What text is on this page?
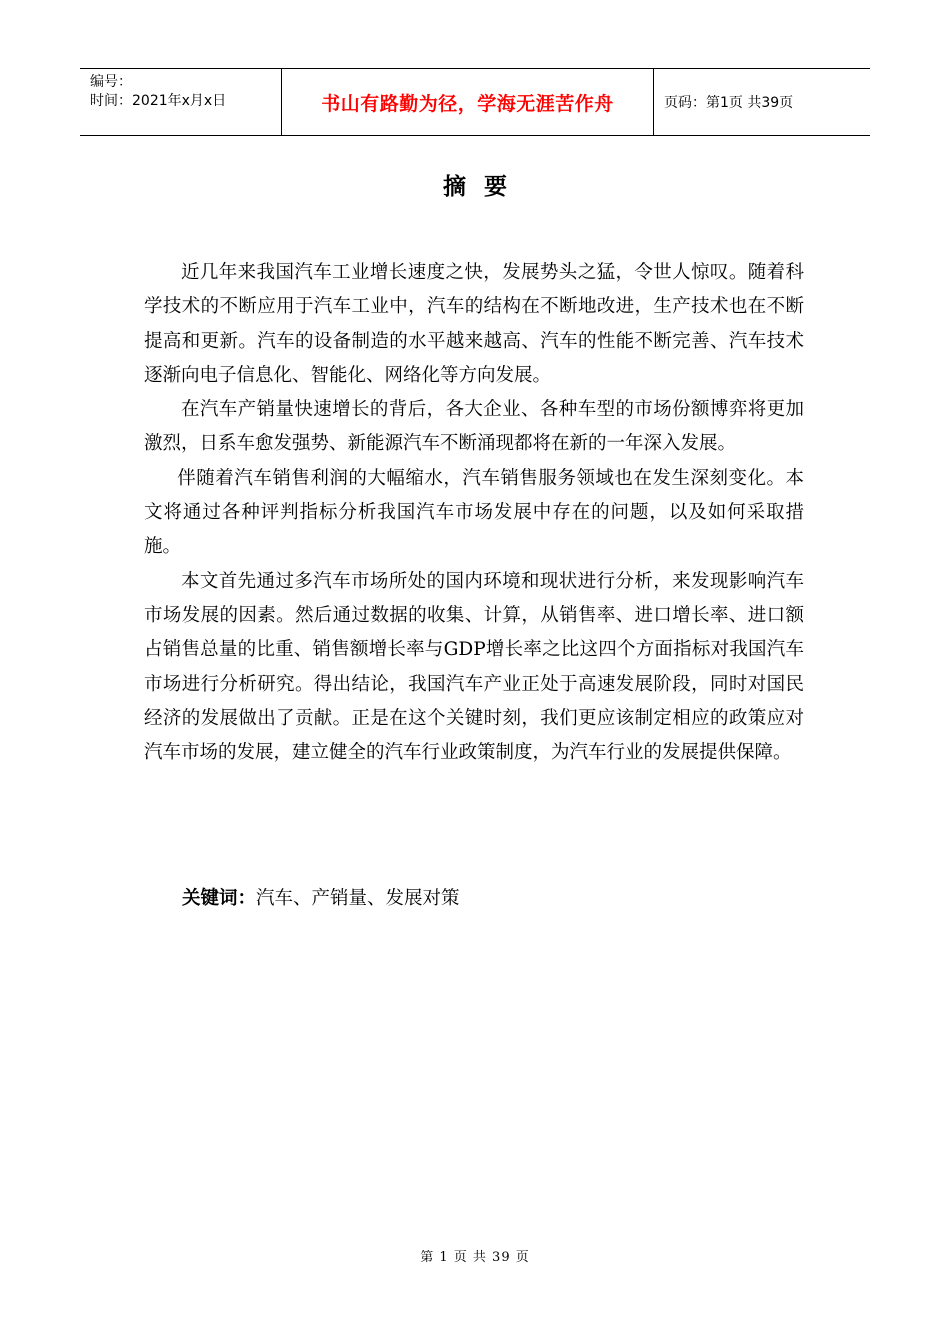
编号：
时间：2021年x月x日	书山有路勤为径，学海无涯苦作舟	页码：第1页 共39页
摘要

近几年来我国汽车工业增长速度之快，发展势头之猛，令世人惊叹。随着科学技术的不断应用于汽车工业中，汽车的结构在不断地改进，生产技术也在不断提高和更新。汽车的设备制造的水平越来越高、汽车的性能不断完善、汽车技术逐渐向电子信息化、智能化、网络化等方向发展。

在汽车产销量快速增长的背后，各大企业、各种车型的市场份额博弈将更加激烈，日系车愈发强势、新能源汽车不断涌现都将在新的一年深入发展。

伴随着汽车销售利润的大幅缩水，汽车销售服务领域也在发生深刻变化。本文将通过各种评判指标分析我国汽车市场发展中存在的问题，以及如何采取措施。

本文首先通过多汽车市场所处的国内环境和现状进行分析，来发现影响汽车市场发展的因素。然后通过数据的收集、计算，从销售率、进口增长率、进口额占销售总量的比重、销售额增长率与GDP增长率之比这四个方面指标对我国汽车市场进行分析研究。得出结论，我国汽车产业正处于高速发展阶段，同时对国民经济的发展做出了贡献。正是在这个关键时刻，我们更应该制定相应的政策应对汽车市场的发展，建立健全的汽车行业政策制度，为汽车行业的发展提供保障。

关键词：汽车、产销量、发展对策
第 1 页 共 39 页
